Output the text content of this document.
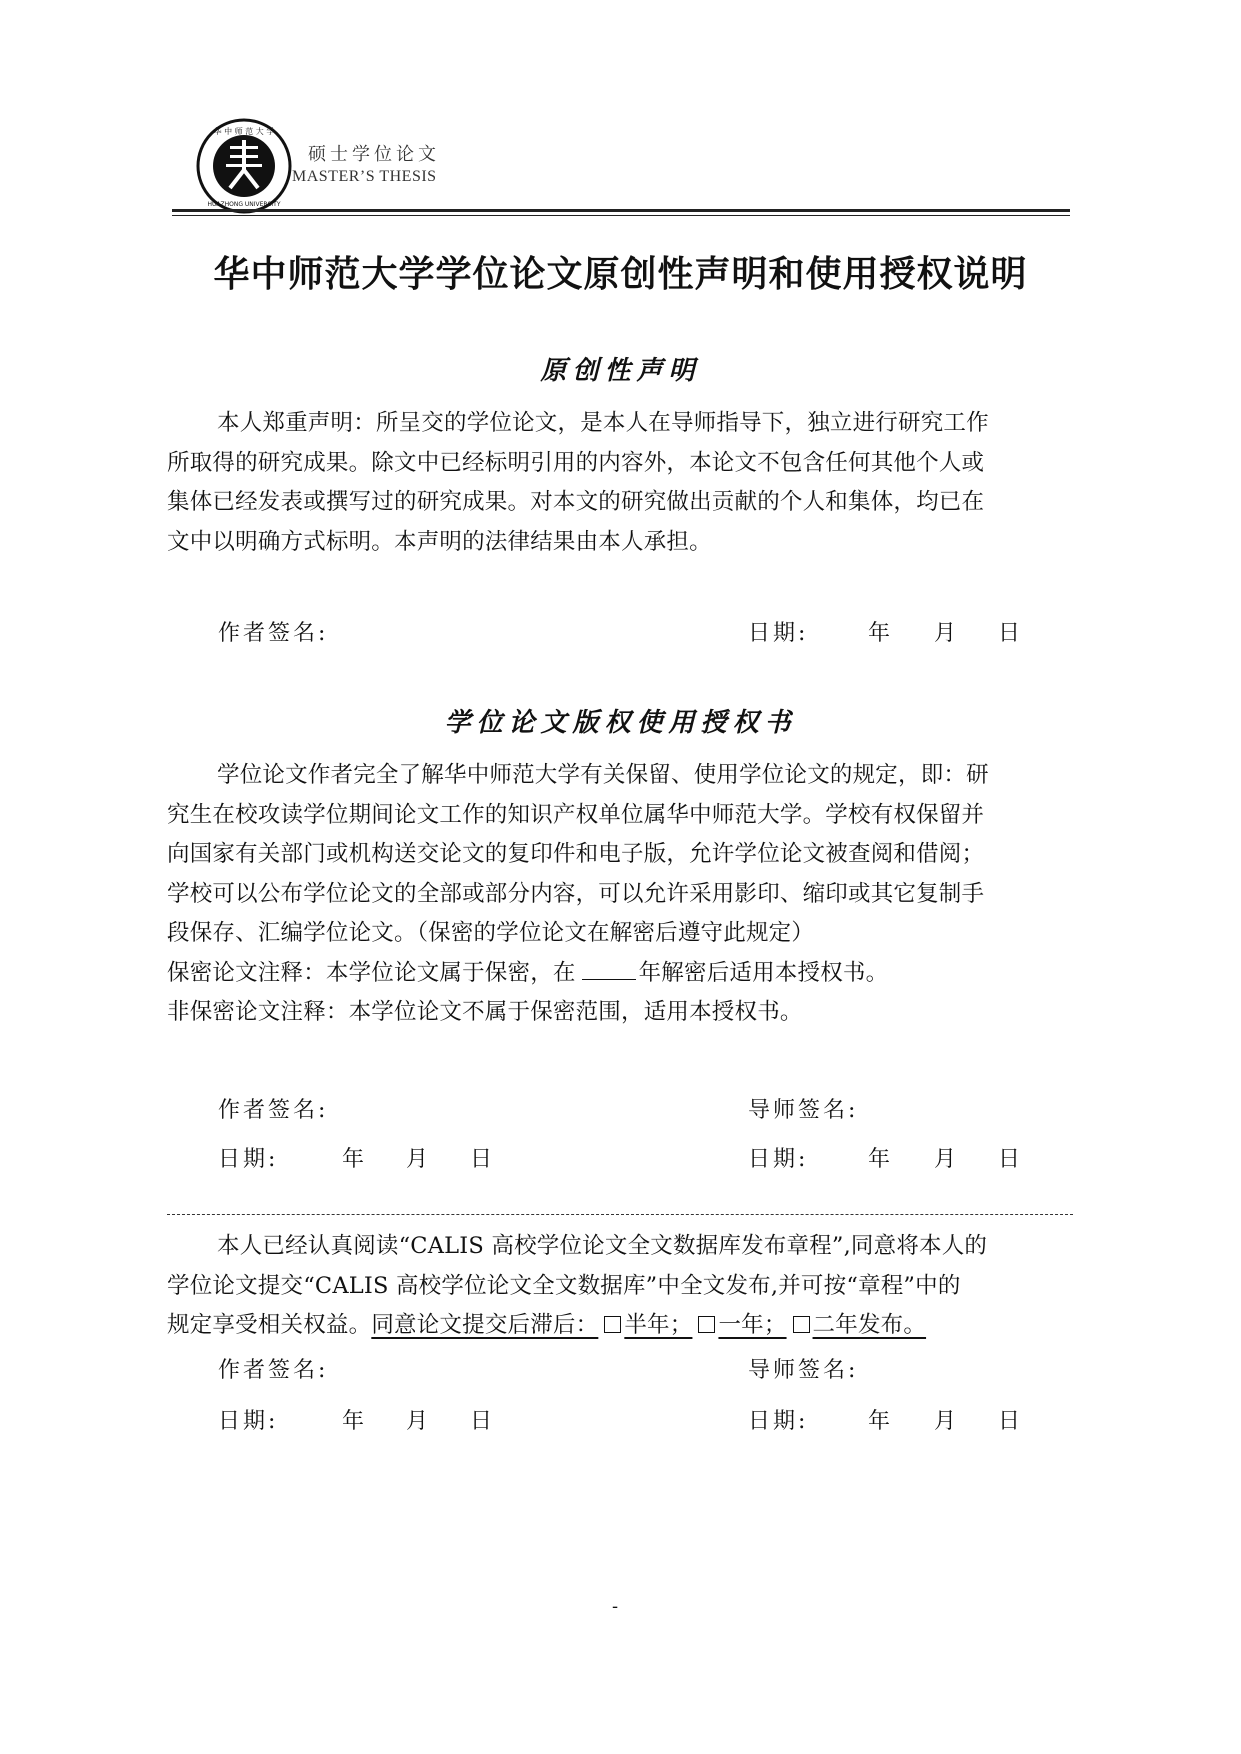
华 中 师 范 大 学
HUAZHONG UNIVERSITY
硕士学位论文
MASTER’S THESIS
华中师范大学学位论文原创性声明和使用授权说明
原创性声明
本人郑重声明：所呈交的学位论文，是本人在导师指导下，独立进行研究工作
所取得的研究成果。除文中已经标明引用的内容外，本论文不包含任何其他个人或
集体已经发表或撰写过的研究成果。对本文的研究做出贡献的个人和集体，均已在
文中以明确方式标明。本声明的法律结果由本人承担。
作者签名:	日期:	年 月 日
学位论文版权使用授权书
学位论文作者完全了解华中师范大学有关保留、使用学位论文的规定，即：研
究生在校攻读学位期间论文工作的知识产权单位属华中师范大学。学校有权保留并
向国家有关部门或机构送交论文的复印件和电子版，允许学位论文被查阅和借阅；
学校可以公布学位论文的全部或部分内容，可以允许采用影印、缩印或其它复制手
段保存、汇编学位论文。（保密的学位论文在解密后遵守此规定）
保密论文注释：本学位论文属于保密，在	年解密后适用本授权书。
非保密论文注释：本学位论文不属于保密范围，适用本授权书。
作者签名:	导师签名:
日期:	年 月 日	日期:	年 月 日
本人已经认真阅读“CALIS 高校学位论文全文数据库发布章程”,同意将本人的
学位论文提交“CALIS 高校学位论文全文数据库”中全文发布,并可按“章程”中的
规定享受相关权益。同意论文提交后滞后： 半年； 一年； 二年发布。
作者签名:	导师签名:
日期:	年 月 日	日期:	年 月 日
-
